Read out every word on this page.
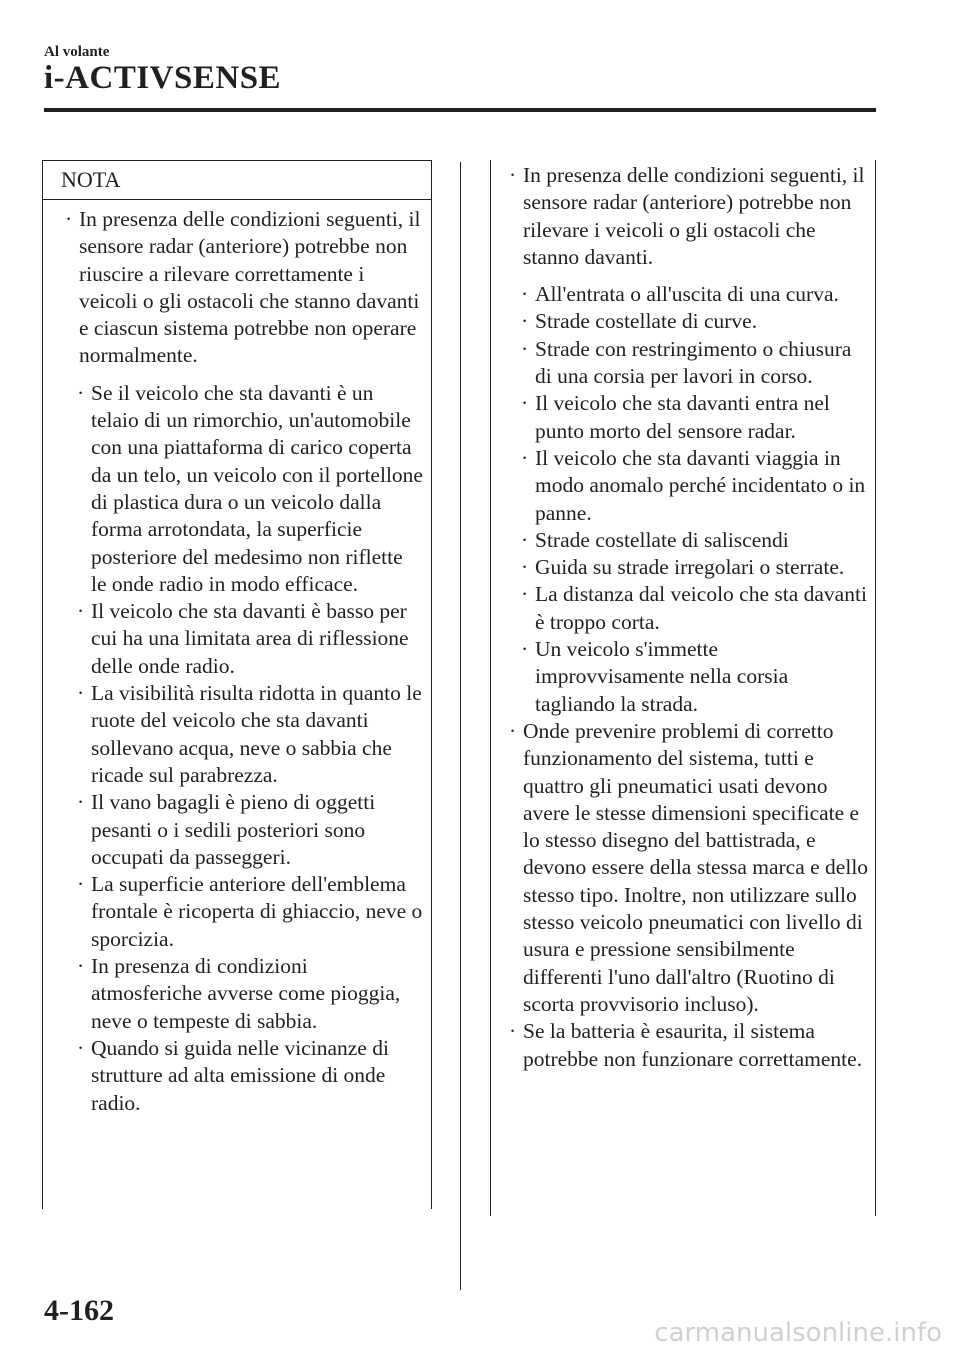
Al volante
i-ACTIVSENSE
NOTA
· In presenza delle condizioni seguenti, il sensore radar (anteriore) potrebbe non riuscire a rilevare correttamente i veicoli o gli ostacoli che stanno davanti e ciascun sistema potrebbe non operare normalmente.
· Se il veicolo che sta davanti è un telaio di un rimorchio, un'automobile con una piattaforma di carico coperta da un telo, un veicolo con il portellone di plastica dura o un veicolo dalla forma arrotondata, la superficie posteriore del medesimo non riflette le onde radio in modo efficace.
· Il veicolo che sta davanti è basso per cui ha una limitata area di riflessione delle onde radio.
· La visibilità risulta ridotta in quanto le ruote del veicolo che sta davanti sollevano acqua, neve o sabbia che ricade sul parabrezza.
· Il vano bagagli è pieno di oggetti pesanti o i sedili posteriori sono occupati da passeggeri.
· La superficie anteriore dell'emblema frontale è ricoperta di ghiaccio, neve o sporcizia.
· In presenza di condizioni atmosferiche avverse come pioggia, neve o tempeste di sabbia.
· Quando si guida nelle vicinanze di strutture ad alta emissione di onde radio.
· In presenza delle condizioni seguenti, il sensore radar (anteriore) potrebbe non rilevare i veicoli o gli ostacoli che stanno davanti.
· All'entrata o all'uscita di una curva.
· Strade costellate di curve.
· Strade con restringimento o chiusura di una corsia per lavori in corso.
· Il veicolo che sta davanti entra nel punto morto del sensore radar.
· Il veicolo che sta davanti viaggia in modo anomalo perché incidentato o in panne.
· Strade costellate di saliscendi
· Guida su strade irregolari o sterrate.
· La distanza dal veicolo che sta davanti è troppo corta.
· Un veicolo s'immette improvvisamente nella corsia tagliando la strada.
· Onde prevenire problemi di corretto funzionamento del sistema, tutti e quattro gli pneumatici usati devono avere le stesse dimensioni specificate e lo stesso disegno del battistrada, e devono essere della stessa marca e dello stesso tipo. Inoltre, non utilizzare sullo stesso veicolo pneumatici con livello di usura e pressione sensibilmente differenti l'uno dall'altro (Ruotino di scorta provvisorio incluso).
· Se la batteria è esaurita, il sistema potrebbe non funzionare correttamente.
4-162
carmanualsonline.info
